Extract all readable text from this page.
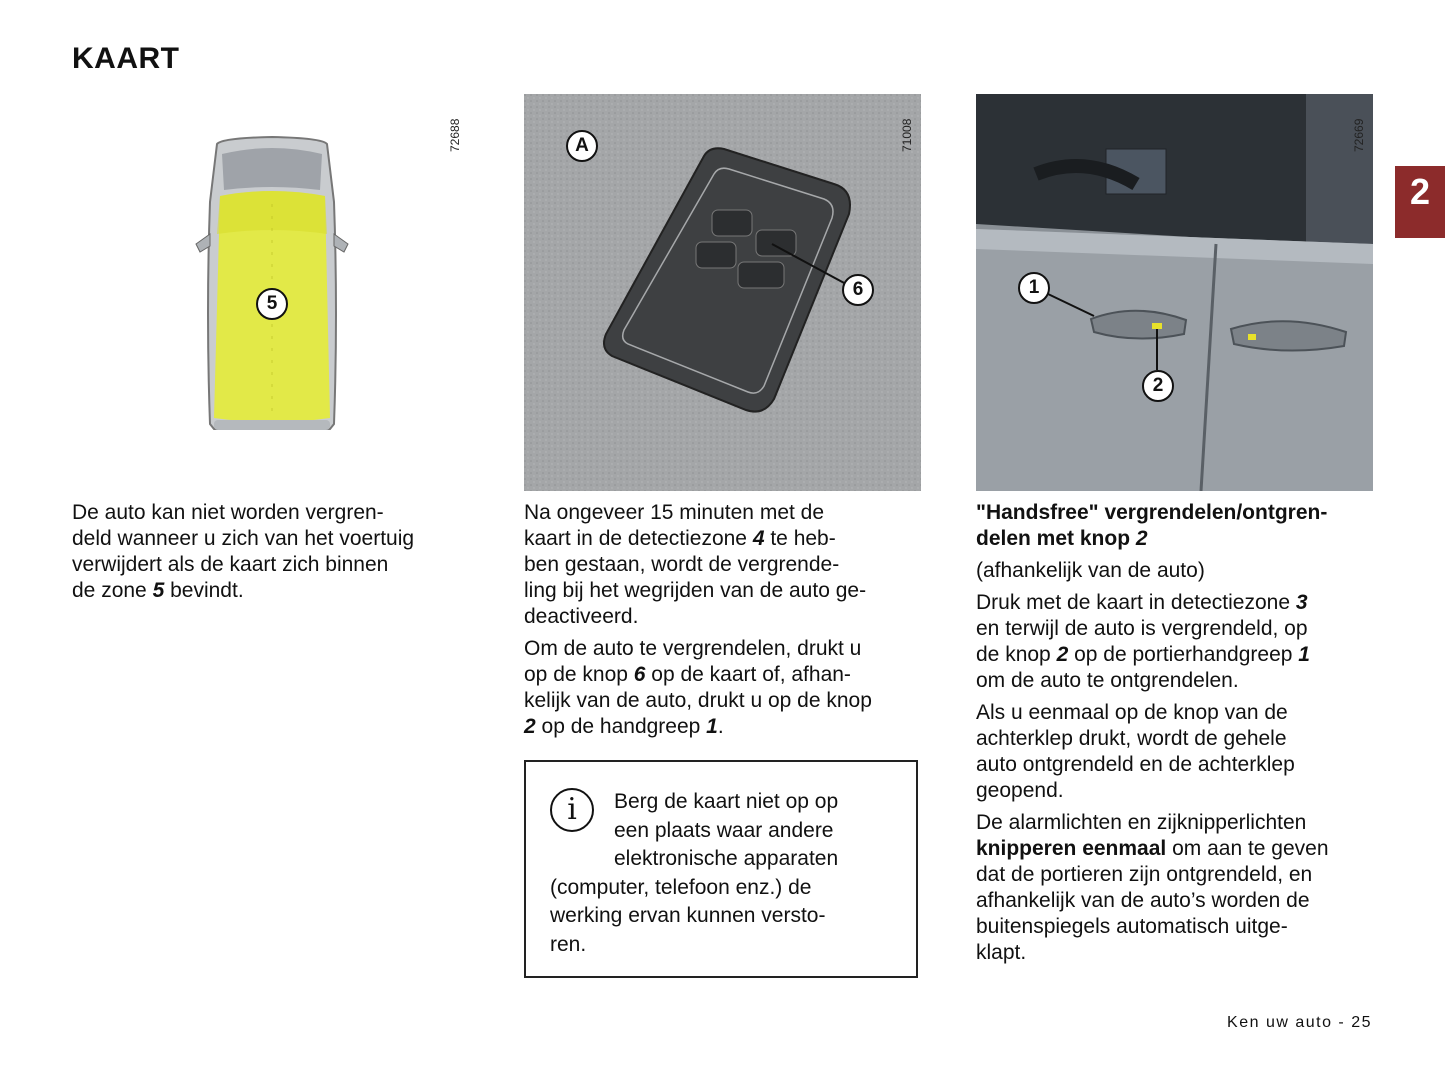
KAART
5
72688	A
6
71008
1
2
72669
2

De auto kan niet worden vergren-
deld wanneer u zich van het voertuig
verwijdert als de kaart zich binnen
de zone 5 bevindt.

Na ongeveer 15 minuten met de
kaart in de detectiezone 4 te heb-
ben gestaan, wordt de vergrende-
ling bij het wegrijden van de auto ge-
deactiveerd.

Om de auto te vergrendelen, drukt u
op de knop 6 op de kaart of, afhan-
kelijk van de auto, drukt u op de knop
2 op de handgreep 1.

i	Berg de kaart niet op op
een plaats waar andere
elektronische apparaten
(computer, telefoon enz.) de
werking ervan kunnen versto-
ren.

"Handsfree" vergrendelen/ontgren-
delen met knop 2

(afhankelijk van de auto)

Druk met de kaart in detectiezone 3
en terwijl de auto is vergrendeld, op
de knop 2 op de portierhandgreep 1
om de auto te ontgrendelen.

Als u eenmaal op de knop van de
achterklep drukt, wordt de gehele
auto ontgrendeld en de achterklep
geopend.

De alarmlichten en zijknipperlichten
knipperen eenmaal om aan te geven
dat de portieren zijn ontgrendeld, en
afhankelijk van de auto’s worden de
buitenspiegels automatisch uitge-
klapt.

Ken uw auto - 25
